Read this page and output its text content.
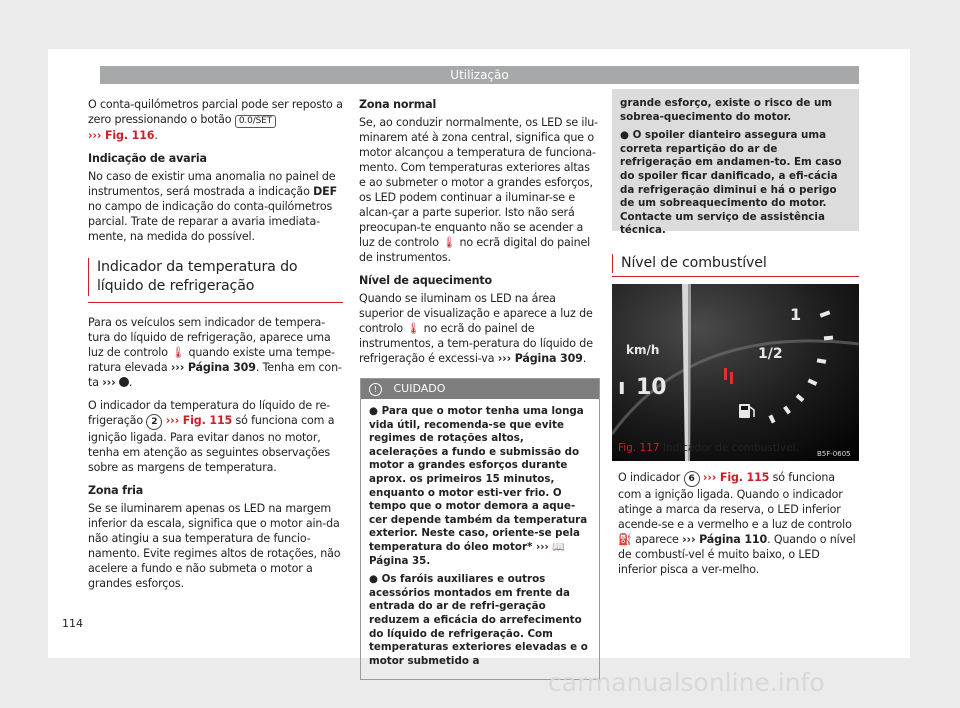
Utilização

O conta-quilómetros parcial pode ser reposto a zero pressionando o botão 0.0/SET
››› Fig. 116.

Indicação de avaria

No caso de existir uma anomalia no painel de instrumentos, será mostrada a indicação DEF no campo de indicação do conta-quilómetros parcial. Trate de reparar a avaria imediata-mente, na medida do possível.

Indicador da temperatura do líquido de refrigeração

Para os veículos sem indicador de tempera-tura do líquido de refrigeração, aparece uma luz de controlo 🌡 quando existe uma tempe-ratura elevada ››› Página 309. Tenha em con-ta ››› .

O indicador da temperatura do líquido de re-frigeração 2 ››› Fig. 115 só funciona com a ignição ligada. Para evitar danos no motor, tenha em atenção as seguintes observações sobre as margens de temperatura.

Zona fria

Se se iluminarem apenas os LED na margem inferior da escala, significa que o motor ain-da não atingiu a sua temperatura de funcio-namento. Evite regimes altos de rotações, não acelere a fundo e não submeta o motor a grandes esforços.

Zona normal

Se, ao conduzir normalmente, os LED se ilu-minarem até à zona central, significa que o motor alcançou a temperatura de funciona-mento. Com temperaturas exteriores altas e ao submeter o motor a grandes esforços, os LED podem continuar a iluminar-se e alcan-çar a parte superior. Isto não será preocupan-te enquanto não se acender a luz de controlo 🌡 no ecrã digital do painel de instrumentos.

Nível de aquecimento

Quando se iluminam os LED na área superior de visualização e aparece a luz de controlo 🌡 no ecrã do painel de instrumentos, a tem-peratura do líquido de refrigeração é excessi-va ››› Página 309.

! CUIDADO

● Para que o motor tenha uma longa vida útil, recomenda-se que evite regimes de rotações altos, acelerações a fundo e submissão do motor a grandes esforços durante aprox. os primeiros 15 minutos, enquanto o motor esti-ver frio. O tempo que o motor demora a aque-cer depende também da temperatura exterior. Neste caso, oriente-se pela temperatura do óleo motor* ››› 📖 Página 35.

● Os faróis auxiliares e outros acessórios montados em frente da entrada do ar de refri-geração reduzem a eficácia do arrefecimento do líquido de refrigeração. Com temperaturas exteriores elevadas e o motor submetido a

grande esforço, existe o risco de um sobrea-quecimento do motor.

● O spoiler dianteiro assegura uma correta repartição do ar de refrigeração em andamen-to. Em caso do spoiler ficar danificado, a efi-cácia da refrigeração diminui e há o perigo de um sobreaquecimento do motor. Contacte um serviço de assistência técnica.

Nível de combustível
1
1/2
km/h
10
ı
B5F-0605
Fig. 117 Indicador de combustível.

O indicador 6 ››› Fig. 115 só funciona com a ignição ligada. Quando o indicador atinge a marca da reserva, o LED inferior acende-se e a vermelho e a luz de controlo ⛽ aparece ››› Página 110. Quando o nível de combustí-vel é muito baixo, o LED inferior pisca a ver-melho.

114
carmanualsonline.info
